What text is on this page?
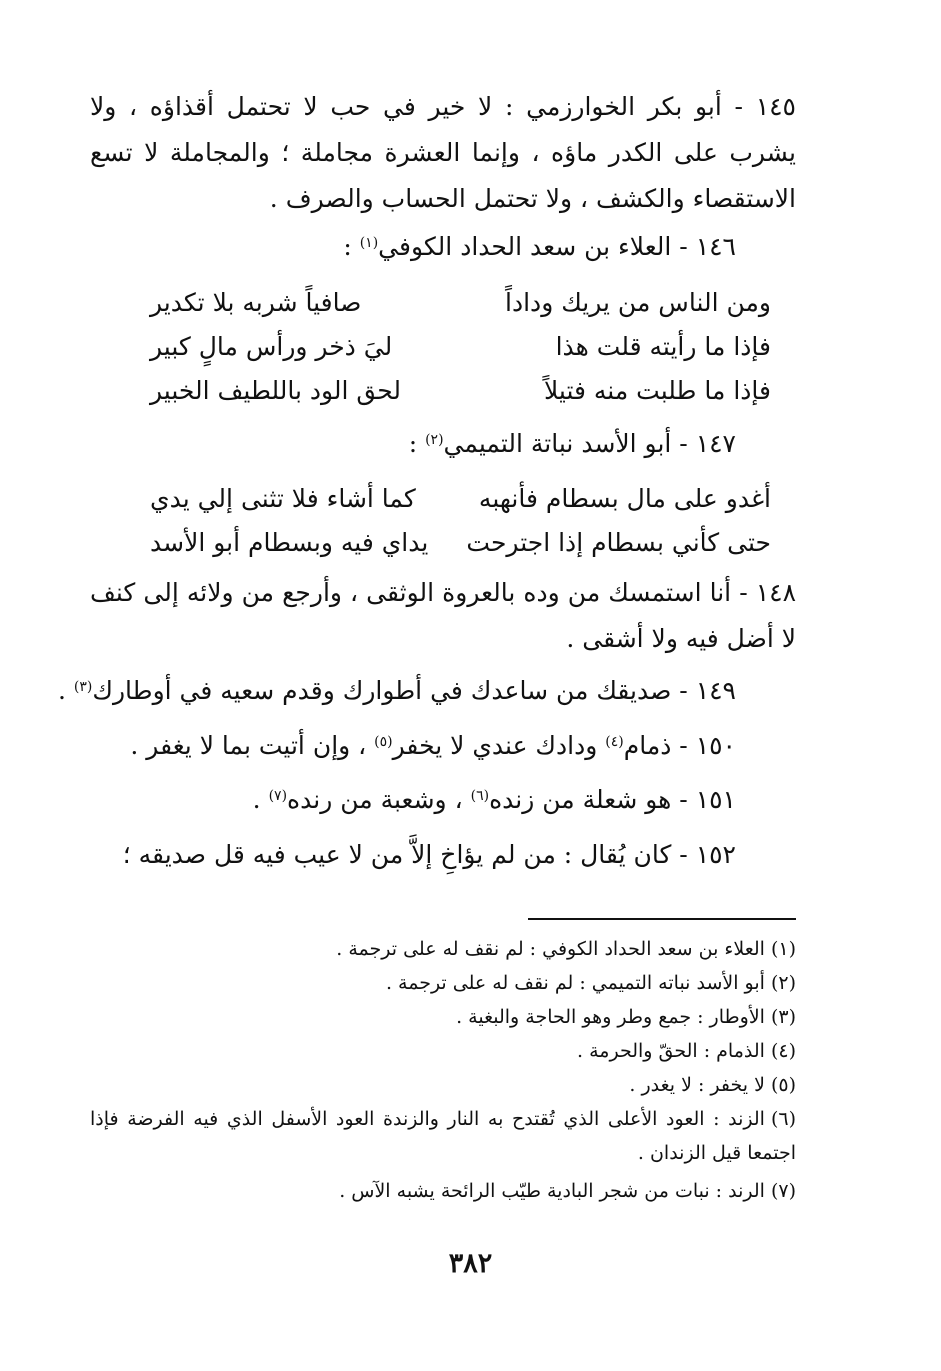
١٤٥ - أبو بكر الخوارزمي : لا خير في حب لا تحتمل أقذاؤه ، ولا يشرب على الكدر ماؤه ، وإنما العشرة مجاملة ؛ والمجاملة لا تسع الاستقصاء والكشف ، ولا تحتمل الحساب والصرف .
١٤٦ - العلاء بن سعد الحداد الكوفي$^{(١)}$ :
ومن الناس من يريك وداداً
صافياً شربه بلا تكدير
فإذا ما رأيته قلت هذا
ليَ ذخر ورأس مالٍ كبير
فإذا ما طلبت منه فتيلاً
لحق الود باللطيف الخبير
١٤٧ - أبو الأسد نباتة التميمي$^{(٢)}$ :
أغدو على مال بسطام فأنهبه
كما أشاء فلا تثنى إلي يدي
حتى كأني بسطام إذا اجترحت
يداي فيه وبسطام أبو الأسد
١٤٨ - أنا استمسك من وده بالعروة الوثقى ، وأرجع من ولائه إلى كنف لا أضل فيه ولا أشقى .
١٤٩ - صديقك من ساعدك في أطوارك وقدم سعيه في أوطارك$^{(٣)}$ .
١٥٠ - ذمام$^{(٤)}$ ودادك عندي لا يخفر$^{(٥)}$ ، وإن أتيت بما لا يغفر .
١٥١ - هو شعلة من زنده$^{(٦)}$ ، وشعبة من رنده$^{(٧)}$ .
١٥٢ - كان يُقال : من لم يؤاخِ إلاَّ من لا عيب فيه قل صديقه ؛
(١)العلاء بن سعد الحداد الكوفي : لم نقف له على ترجمة .
(٢)أبو الأسد نباته التميمي : لم نقف له على ترجمة .
(٣)الأوطار : جمع وطر وهو الحاجة والبغية .
(٤)الذمام : الحقّ والحرمة .
(٥)لا يخفر : لا يغدر .
(٦)الزند : العود الأعلى الذي تُقتدح به النار والزندة العود الأسفل الذي فيه الفرضة فإذا اجتمعا قيل الزندان .
(٧)الرند : نبات من شجر البادية طيّب الرائحة يشبه الآس .
٣٨٢
